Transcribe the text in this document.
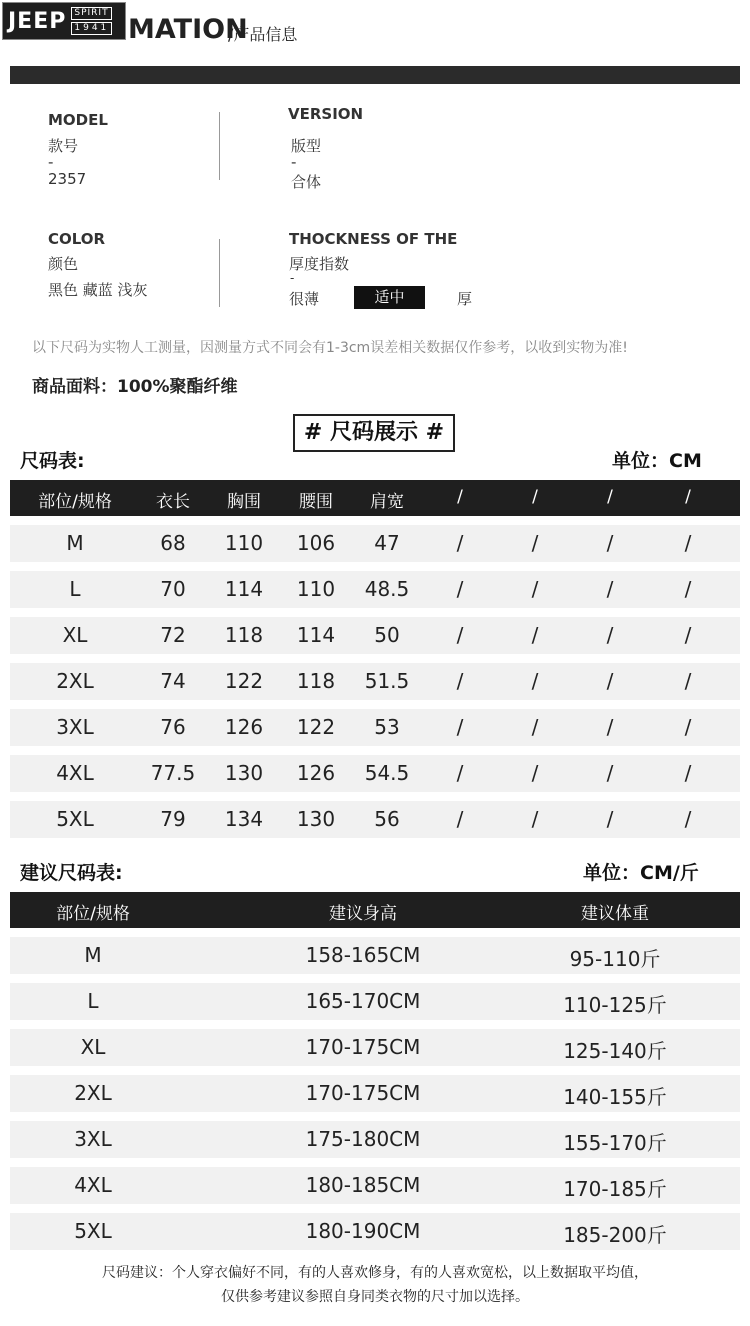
JEEP SPIRIT
1941 MATION
/产品信息
MODEL
款号
-
2357
VERSION
版型
-
合体
COLOR
颜色
黑色 藏蓝 浅灰
THOCKNESS OF THE
厚度指数
-
很薄	适中	厚
以下尺码为实物人工测量，因测量方式不同会有1-3cm误差相关数据仅作参考，以收到实物为准!
商品面料：100%聚酯纤维
# 尺码展示 #
尺码表:	单位：CM
部位/规格	衣长 胸围 腰围 肩宽	/	/	/	/
M	68 110 106 47	/	/	/	/
L	70 114 110 48.5 /	/	/	/
XL	72 118 114 50	/	/	/	/
2XL	74 122 118 51.5 /	/	/	/
3XL	76 126 122 53	/	/	/	/
4XL	77.5 130 126 54.5 /	/	/	/
5XL	79 134 130 56	/	/	/	/
建议尺码表:	单位：CM/斤
部位/规格	建议身高	建议体重
M	158-165CM	95-110斤
L	165-170CM	110-125斤
XL	170-175CM	125-140斤
2XL	170-175CM	140-155斤
3XL	175-180CM	155-170斤
4XL	180-185CM	170-185斤
5XL	180-190CM	185-200斤
尺码建议：个人穿衣偏好不同，有的人喜欢修身，有的人喜欢宽松，以上数据取平均值，
仅供参考建议参照自身同类衣物的尺寸加以选择。
